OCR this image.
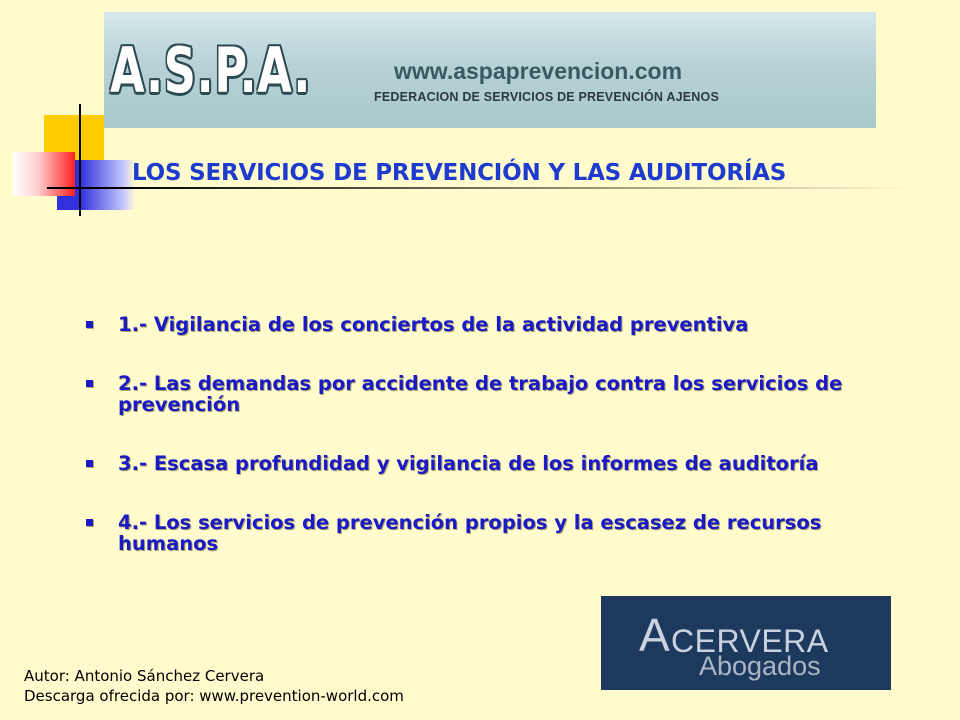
A.S.P.A.	www.aspaprevencion.com
FEDERACION DE SERVICIOS DE PREVENCIÓN AJENOS
LOS SERVICIOS DE PREVENCIÓN Y LAS AUDITORÍAS
1.- Vigilancia de los conciertos de la actividad preventiva
2.- Las demandas por accidente de trabajo contra los servicios de prevención
3.- Escasa profundidad y vigilancia de los informes de auditoría
4.- Los servicios de prevención propios y la escasez de recursos humanos
A CERVERA
Abogados
Autor: Antonio Sánchez Cervera
Descarga ofrecida por: www.prevention-world.com
